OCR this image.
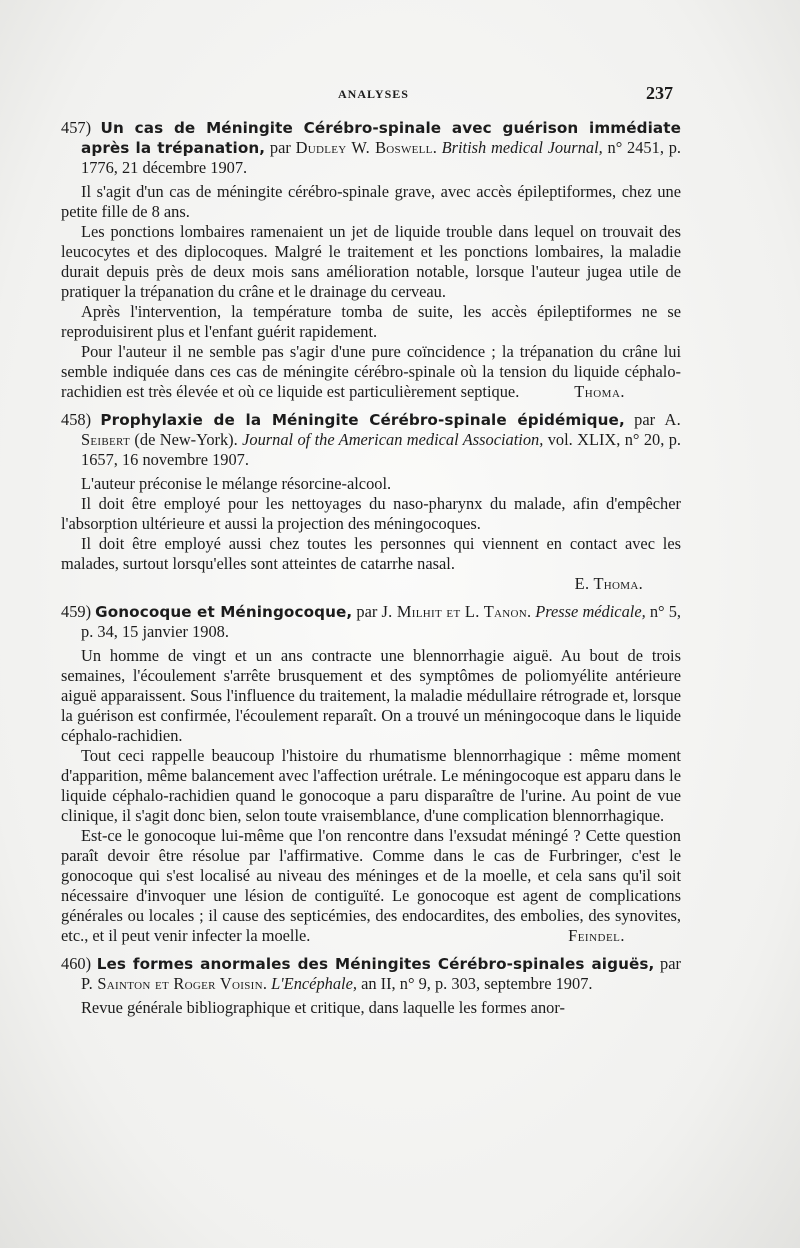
ANALYSES	237

457) Un cas de Méningite Cérébro-spinale avec guérison immédiate après la trépanation, par Dudley W. Boswell. British medical Journal, n° 2451, p. 1776, 21 décembre 1907.

Il s'agit d'un cas de méningite cérébro-spinale grave, avec accès épileptiformes, chez une petite fille de 8 ans.

Les ponctions lombaires ramenaient un jet de liquide trouble dans lequel on trouvait des leucocytes et des diplocoques. Malgré le traitement et les ponctions lombaires, la maladie durait depuis près de deux mois sans amélioration notable, lorsque l'auteur jugea utile de pratiquer la trépanation du crâne et le drainage du cerveau.

Après l'intervention, la température tomba de suite, les accès épileptiformes ne se reproduisirent plus et l'enfant guérit rapidement.

Pour l'auteur il ne semble pas s'agir d'une pure coïncidence ; la trépanation du crâne lui semble indiquée dans ces cas de méningite cérébro-spinale où la tension du liquide céphalo-rachidien est très élevée et où ce liquide est particulièrement septique.	Thoma.

458) Prophylaxie de la Méningite Cérébro-spinale épidémique, par A. Seibert (de New-York). Journal of the American medical Association, vol. XLIX, n° 20, p. 1657, 16 novembre 1907.

L'auteur préconise le mélange résorcine-alcool.

Il doit être employé pour les nettoyages du naso-pharynx du malade, afin d'empêcher l'absorption ultérieure et aussi la projection des méningocoques.

Il doit être employé aussi chez toutes les personnes qui viennent en contact avec les malades, surtout lorsqu'elles sont atteintes de catarrhe nasal.

E. Thoma.

459) Gonocoque et Méningocoque, par J. Milhit et L. Tanon. Presse médicale, n° 5, p. 34, 15 janvier 1908.

Un homme de vingt et un ans contracte une blennorrhagie aiguë. Au bout de trois semaines, l'écoulement s'arrête brusquement et des symptômes de poliomyélite antérieure aiguë apparaissent. Sous l'influence du traitement, la maladie médullaire rétrograde et, lorsque la guérison est confirmée, l'écoulement reparaît. On a trouvé un méningocoque dans le liquide céphalo-rachidien.

Tout ceci rappelle beaucoup l'histoire du rhumatisme blennorrhagique : même moment d'apparition, même balancement avec l'affection urétrale. Le méningocoque est apparu dans le liquide céphalo-rachidien quand le gonocoque a paru disparaître de l'urine. Au point de vue clinique, il s'agit donc bien, selon toute vraisemblance, d'une complication blennorrhagique.

Est-ce le gonocoque lui-même que l'on rencontre dans l'exsudat méningé ? Cette question paraît devoir être résolue par l'affirmative. Comme dans le cas de Furbringer, c'est le gonocoque qui s'est localisé au niveau des méninges et de la moelle, et cela sans qu'il soit nécessaire d'invoquer une lésion de contiguïté. Le gonocoque est agent de complications générales ou locales ; il cause des septicémies, des endocardites, des embolies, des synovites, etc., et il peut venir infecter la moelle.	Feindel.

460) Les formes anormales des Méningites Cérébro-spinales aiguës, par P. Sainton et Roger Voisin. L'Encéphale, an II, n° 9, p. 303, septembre 1907.

Revue générale bibliographique et critique, dans laquelle les formes anor-
